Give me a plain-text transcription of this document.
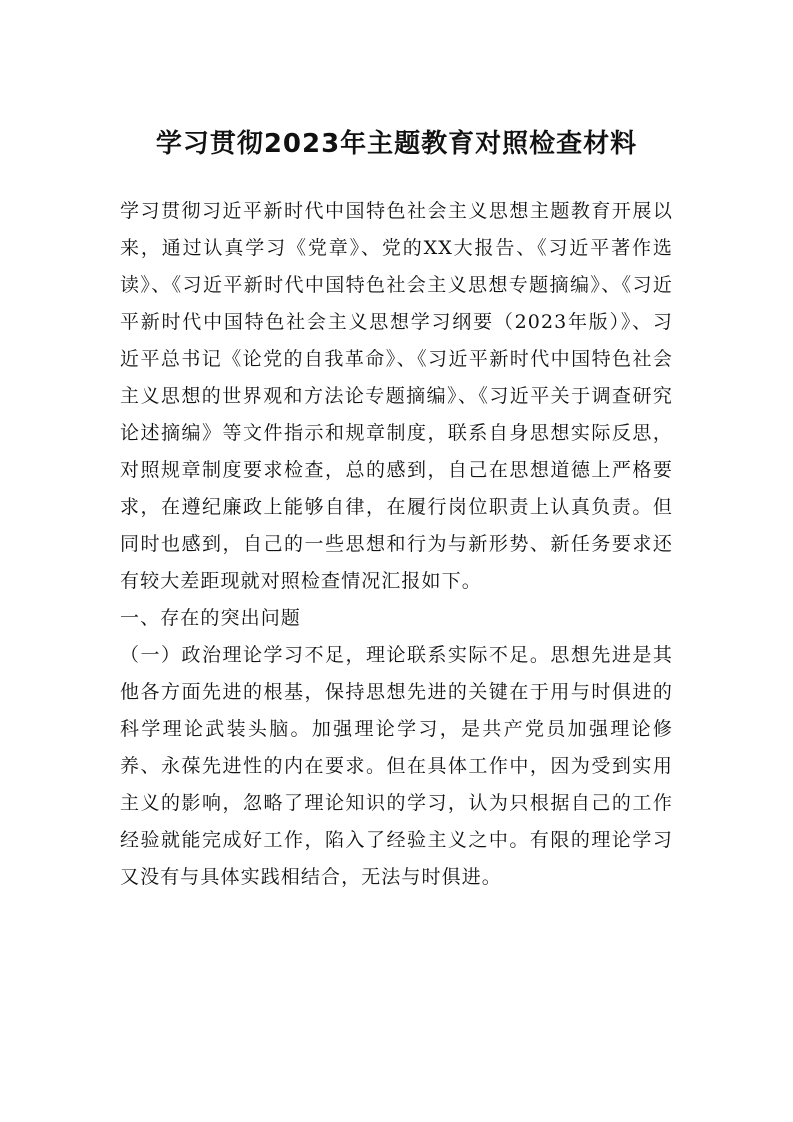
学习贯彻2023年主题教育对照检查材料

学习贯彻习近平新时代中国特色社会主义思想主题教育开展以来，通过认真学习《党章》、党的XX大报告、《习近平著作选读》、《习近平新时代中国特色社会主义思想专题摘编》、《习近平新时代中国特色社会主义思想学习纲要（2023年版）》、习近平总书记《论党的自我革命》、《习近平新时代中国特色社会主义思想的世界观和方法论专题摘编》、《习近平关于调查研究论述摘编》等文件指示和规章制度，联系自身思想实际反思，对照规章制度要求检查，总的感到，自己在思想道德上严格要求，在遵纪廉政上能够自律，在履行岗位职责上认真负责。但同时也感到，自己的一些思想和行为与新形势、新任务要求还有较大差距现就对照检查情况汇报如下。

一、存在的突出问题

（一）政治理论学习不足，理论联系实际不足。思想先进是其他各方面先进的根基，保持思想先进的关键在于用与时俱进的科学理论武装头脑。加强理论学习，是共产党员加强理论修养、永葆先进性的内在要求。但在具体工作中，因为受到实用主义的影响，忽略了理论知识的学习，认为只根据自己的工作经验就能完成好工作，陷入了经验主义之中。有限的理论学习又没有与具体实践相结合，无法与时俱进。
